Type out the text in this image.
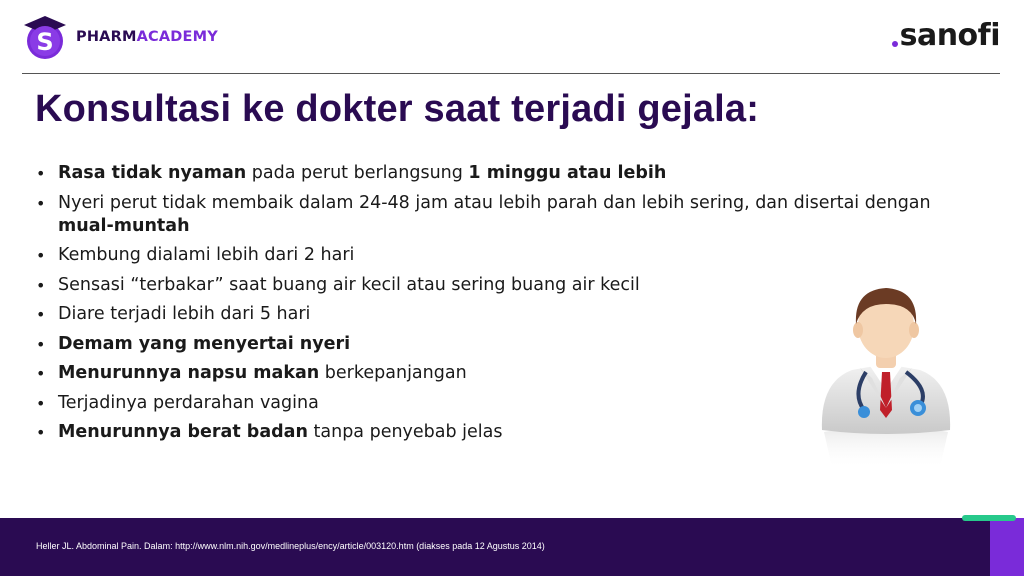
S PHARMACADEMY	sanofi
Konsultasi ke dokter saat terjadi gejala:
• Rasa tidak nyaman pada perut berlangsung 1 minggu atau lebih
• Nyeri perut tidak membaik dalam 24-48 jam atau lebih parah dan lebih sering, dan disertai dengan mual-muntah
• Kembung dialami lebih dari 2 hari
• Sensasi “terbakar” saat buang air kecil atau sering buang air kecil
• Diare terjadi lebih dari 5 hari
• Demam yang menyertai nyeri
• Menurunnya napsu makan berkepanjangan
• Terjadinya perdarahan vagina
• Menurunnya berat badan tanpa penyebab jelas
Heller JL. Abdominal Pain. Dalam: http://www.nlm.nih.gov/medlineplus/ency/article/003120.htm (diakses pada 12 Agustus 2014)
